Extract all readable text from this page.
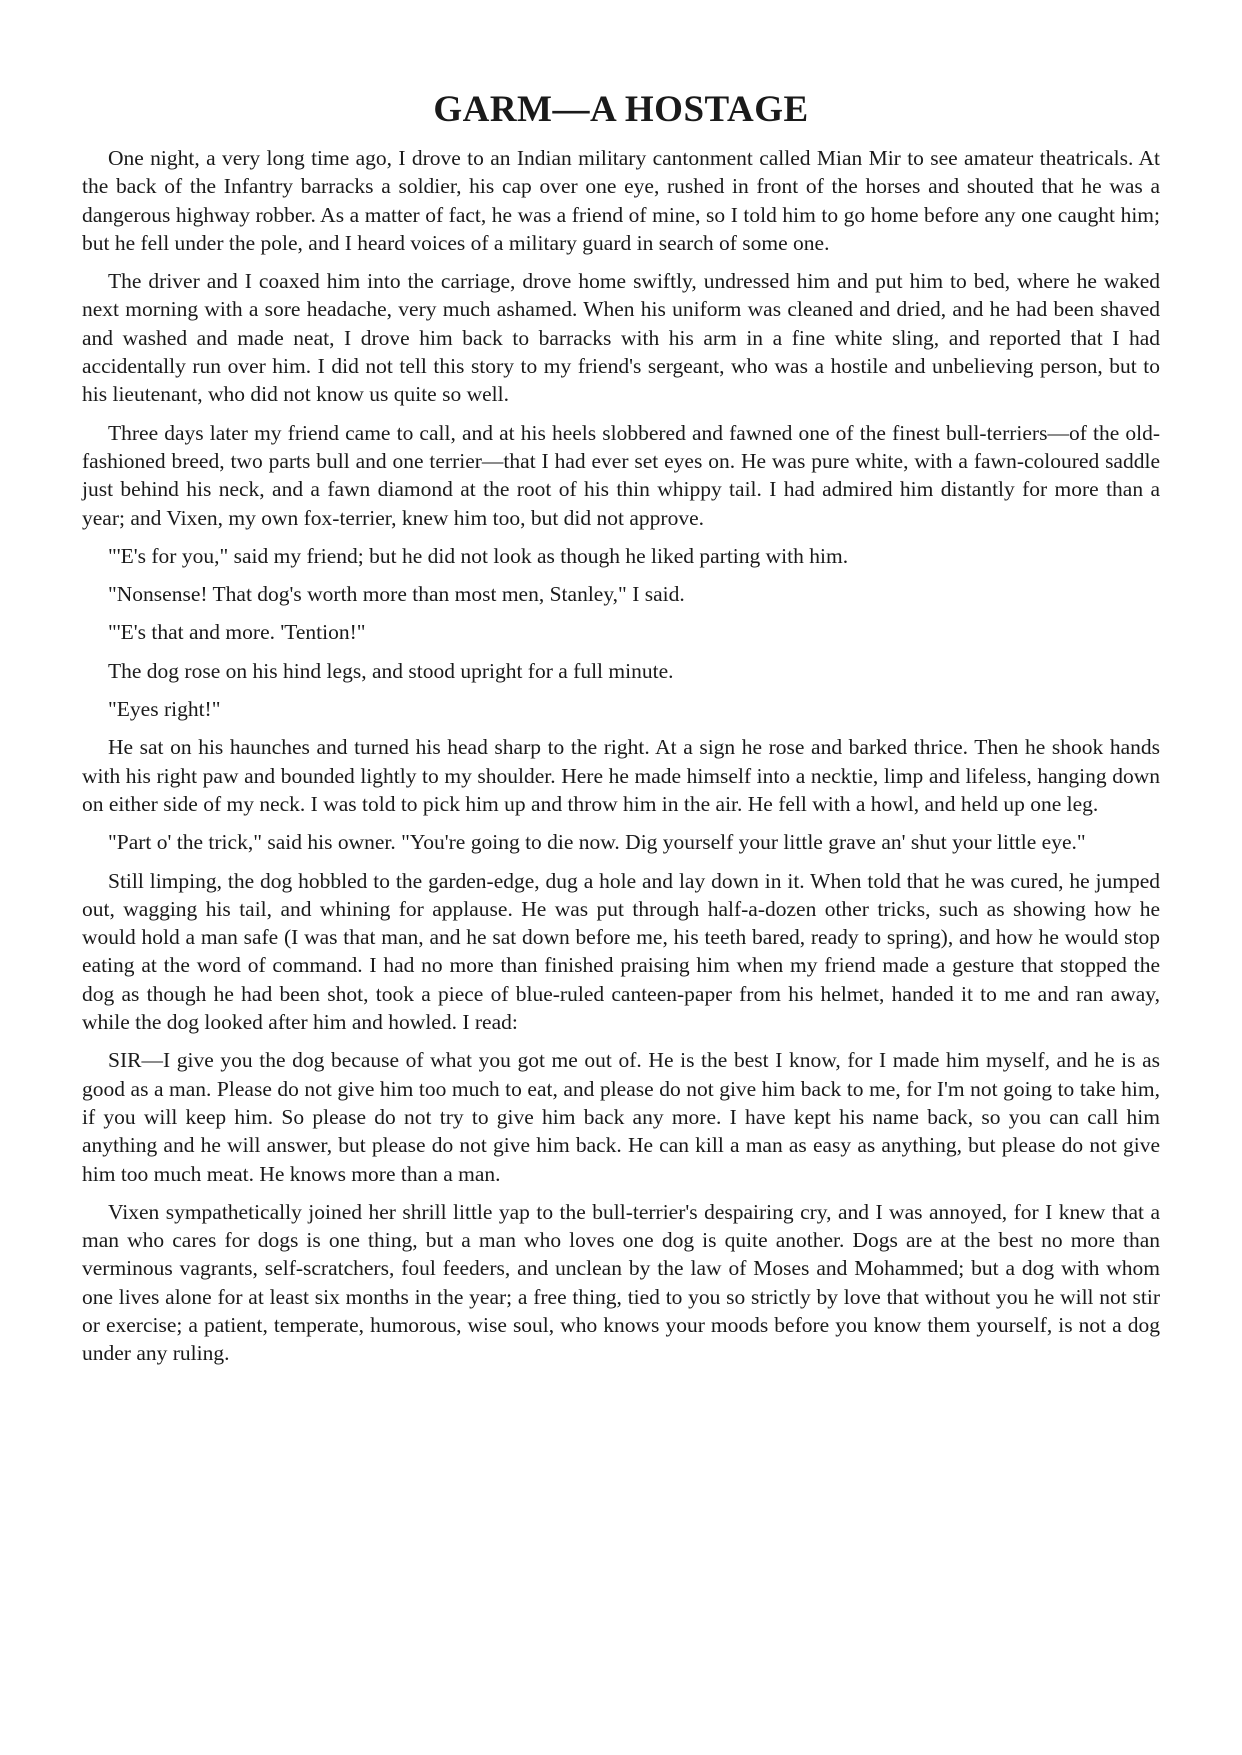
GARM—A HOSTAGE

One night, a very long time ago, I drove to an Indian military cantonment called Mian Mir to see amateur theatricals. At the back of the Infantry barracks a soldier, his cap over one eye, rushed in front of the horses and shouted that he was a dangerous highway robber. As a matter of fact, he was a friend of mine, so I told him to go home before any one caught him; but he fell under the pole, and I heard voices of a military guard in search of some one.

The driver and I coaxed him into the carriage, drove home swiftly, undressed him and put him to bed, where he waked next morning with a sore headache, very much ashamed. When his uniform was cleaned and dried, and he had been shaved and washed and made neat, I drove him back to barracks with his arm in a fine white sling, and reported that I had accidentally run over him. I did not tell this story to my friend's sergeant, who was a hostile and unbelieving person, but to his lieutenant, who did not know us quite so well.

Three days later my friend came to call, and at his heels slobbered and fawned one of the finest bull-terriers—of the old-fashioned breed, two parts bull and one terrier—that I had ever set eyes on. He was pure white, with a fawn-coloured saddle just behind his neck, and a fawn diamond at the root of his thin whippy tail. I had admired him distantly for more than a year; and Vixen, my own fox-terrier, knew him too, but did not approve.

"'E's for you," said my friend; but he did not look as though he liked parting with him.

"Nonsense! That dog's worth more than most men, Stanley," I said.

"'E's that and more. 'Tention!"

The dog rose on his hind legs, and stood upright for a full minute.

"Eyes right!"

He sat on his haunches and turned his head sharp to the right. At a sign he rose and barked thrice. Then he shook hands with his right paw and bounded lightly to my shoulder. Here he made himself into a necktie, limp and lifeless, hanging down on either side of my neck. I was told to pick him up and throw him in the air. He fell with a howl, and held up one leg.

"Part o' the trick," said his owner. "You're going to die now. Dig yourself your little grave an' shut your little eye."

Still limping, the dog hobbled to the garden-edge, dug a hole and lay down in it. When told that he was cured, he jumped out, wagging his tail, and whining for applause. He was put through half-a-dozen other tricks, such as showing how he would hold a man safe (I was that man, and he sat down before me, his teeth bared, ready to spring), and how he would stop eating at the word of command. I had no more than finished praising him when my friend made a gesture that stopped the dog as though he had been shot, took a piece of blue-ruled canteen-paper from his helmet, handed it to me and ran away, while the dog looked after him and howled. I read:

SIR—I give you the dog because of what you got me out of. He is the best I know, for I made him myself, and he is as good as a man. Please do not give him too much to eat, and please do not give him back to me, for I'm not going to take him, if you will keep him. So please do not try to give him back any more. I have kept his name back, so you can call him anything and he will answer, but please do not give him back. He can kill a man as easy as anything, but please do not give him too much meat. He knows more than a man.

Vixen sympathetically joined her shrill little yap to the bull-terrier's despairing cry, and I was annoyed, for I knew that a man who cares for dogs is one thing, but a man who loves one dog is quite another. Dogs are at the best no more than verminous vagrants, self-scratchers, foul feeders, and unclean by the law of Moses and Mohammed; but a dog with whom one lives alone for at least six months in the year; a free thing, tied to you so strictly by love that without you he will not stir or exercise; a patient, temperate, humorous, wise soul, who knows your moods before you know them yourself, is not a dog under any ruling.
